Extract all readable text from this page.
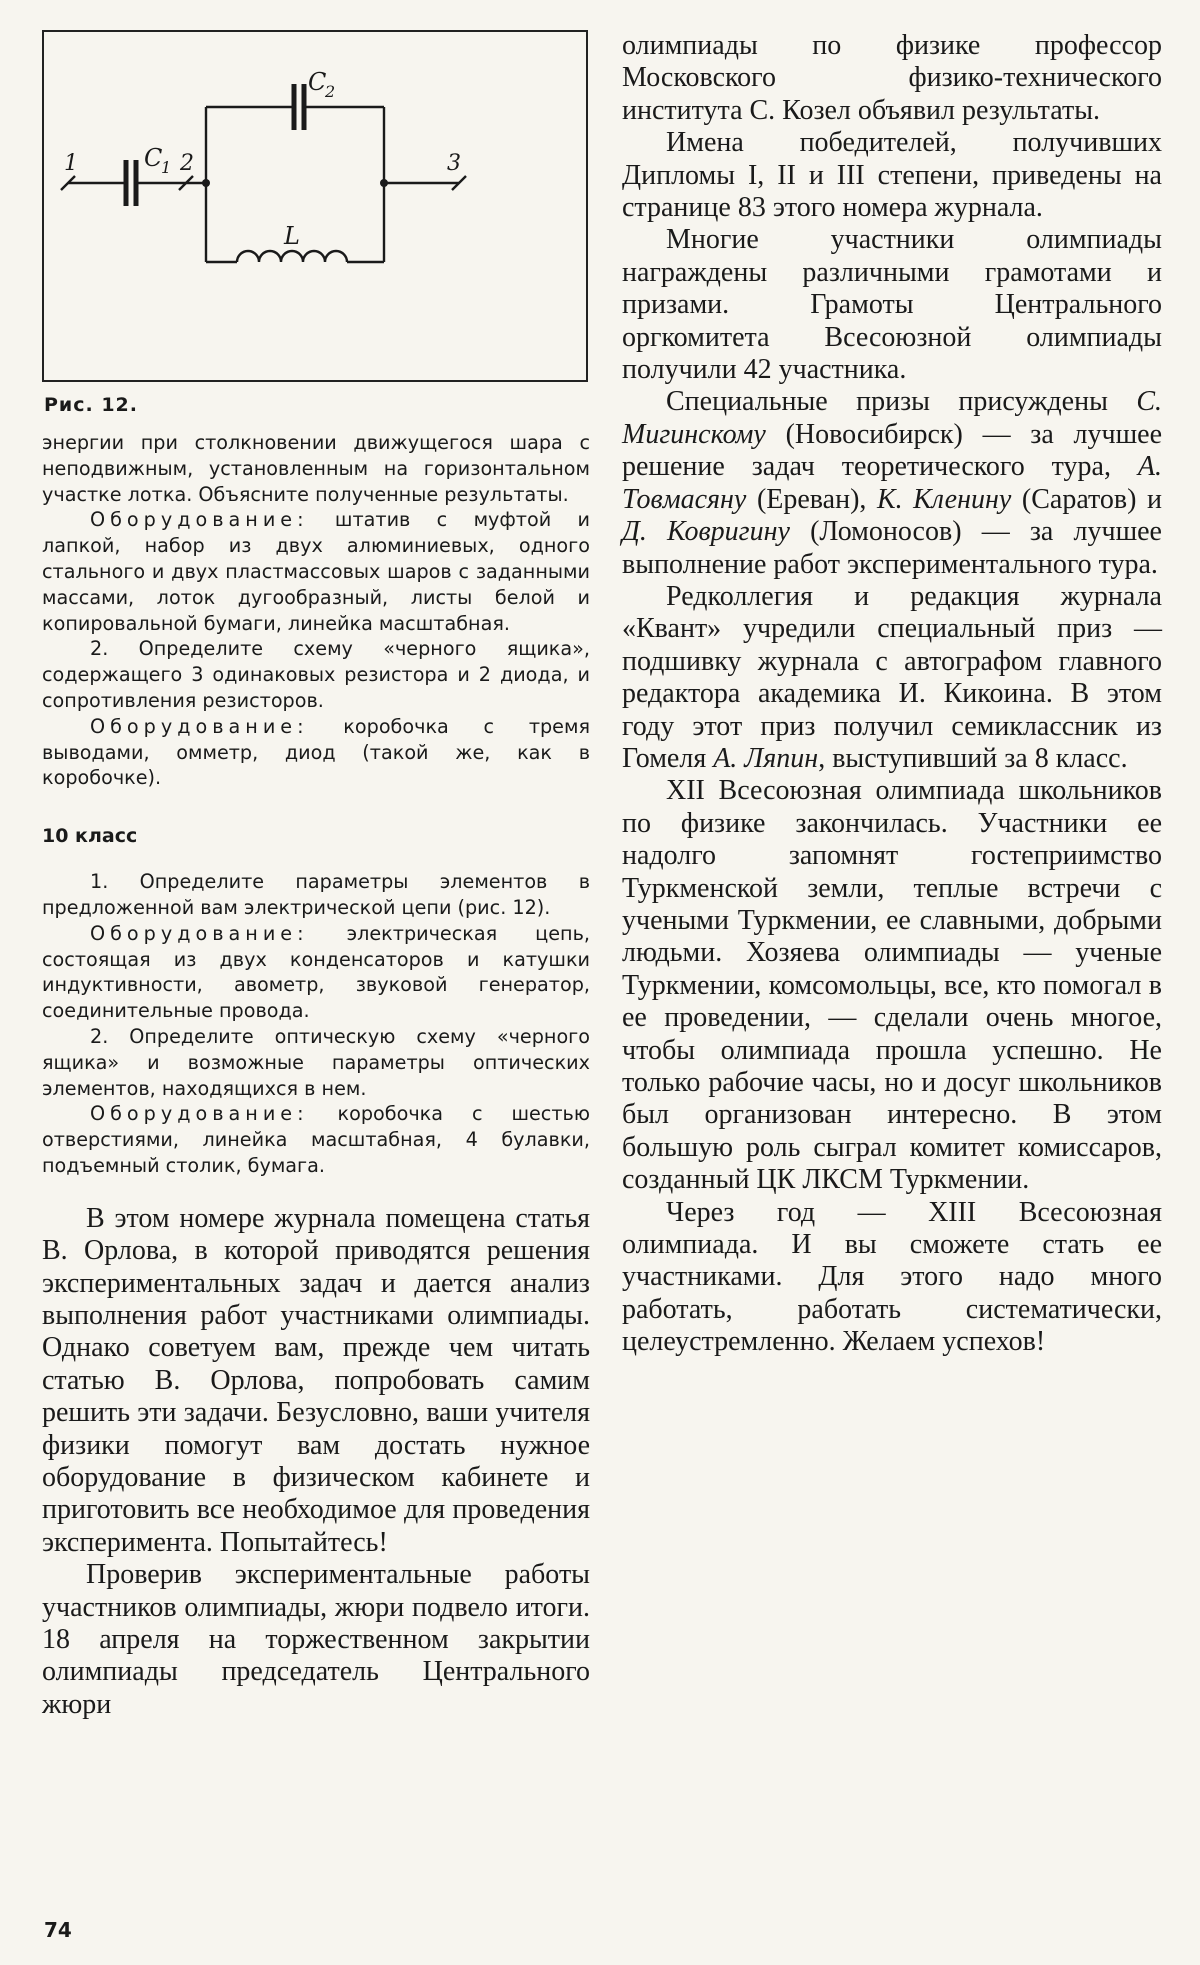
1	C
1 2
C
2
3
L
Рис. 12.

энергии при столкновении движущегося шара с неподвижным, установленным на горизонтальном участке лотка. Объясните полученные результаты.

Оборудование: штатив с муфтой и лапкой, набор из двух алюминиевых, одного стального и двух пластмассовых шаров с заданными массами, лоток дугообразный, листы белой и копировальной бумаги, линейка масштабная.

2. Определите схему «черного ящика», содержащего 3 одинаковых резистора и 2 диода, и сопротивления резисторов.

Оборудование: коробочка с тремя выводами, омметр, диод (такой же, как в коробочке).

10 класс

1. Определите параметры элементов в предложенной вам электрической цепи (рис. 12).

Оборудование: электрическая цепь, состоящая из двух конденсаторов и катушки индуктивности, авометр, звуковой генератор, соединительные провода.

2. Определите оптическую схему «черного ящика» и возможные параметры оптических элементов, находящихся в нем.

Оборудование: коробочка с шестью отверстиями, линейка масштабная, 4 булавки, подъемный столик, бумага.

В этом номере журнала помещена статья В. Орлова, в которой приводятся решения экспериментальных задач и дается анализ выполнения работ участниками олимпиады. Однако советуем вам, прежде чем читать статью В. Орлова, попробовать самим решить эти задачи. Безусловно, ваши учителя физики помогут вам достать нужное оборудование в физическом кабинете и приготовить все необходимое для проведения эксперимента. Попытайтесь!

Проверив экспериментальные работы участников олимпиады, жюри подвело итоги. 18 апреля на торжественном закрытии олимпиады председатель Центрального жюри

олимпиады по физике профессор Московского физико-технического института С. Козел объявил результаты.

Имена победителей, получивших Дипломы I, II и III степени, приведены на странице 83 этого номера журнала.

Многие участники олимпиады награждены различными грамотами и призами. Грамоты Центрального оргкомитета Всесоюзной олимпиады получили 42 участника.

Специальные призы присуждены С. Мигинскому (Новосибирск) — за лучшее решение задач теоретического тура, А. Товмасяну (Ереван), К. Кленину (Саратов) и Д. Ковригину (Ломоносов) — за лучшее выполнение работ экспериментального тура.

Редколлегия и редакция журнала «Квант» учредили специальный приз — подшивку журнала с автографом главного редактора академика И. Кикоина. В этом году этот приз получил семиклассник из Гомеля А. Ляпин, выступивший за 8 класс.

XII Всесоюзная олимпиада школьников по физике закончилась. Участники ее надолго запомнят гостеприимство Туркменской земли, теплые встречи с учеными Туркмении, ее славными, добрыми людьми. Хозяева олимпиады — ученые Туркмении, комсомольцы, все, кто помогал в ее проведении, — сделали очень многое, чтобы олимпиада прошла успешно. Не только рабочие часы, но и досуг школьников был организован интересно. В этом большую роль сыграл комитет комиссаров, созданный ЦК ЛКСМ Туркмении.

Через год — XIII Всесоюзная олимпиада. И вы сможете стать ее участниками. Для этого надо много работать, работать систематически, целеустремленно. Желаем успехов!

74
